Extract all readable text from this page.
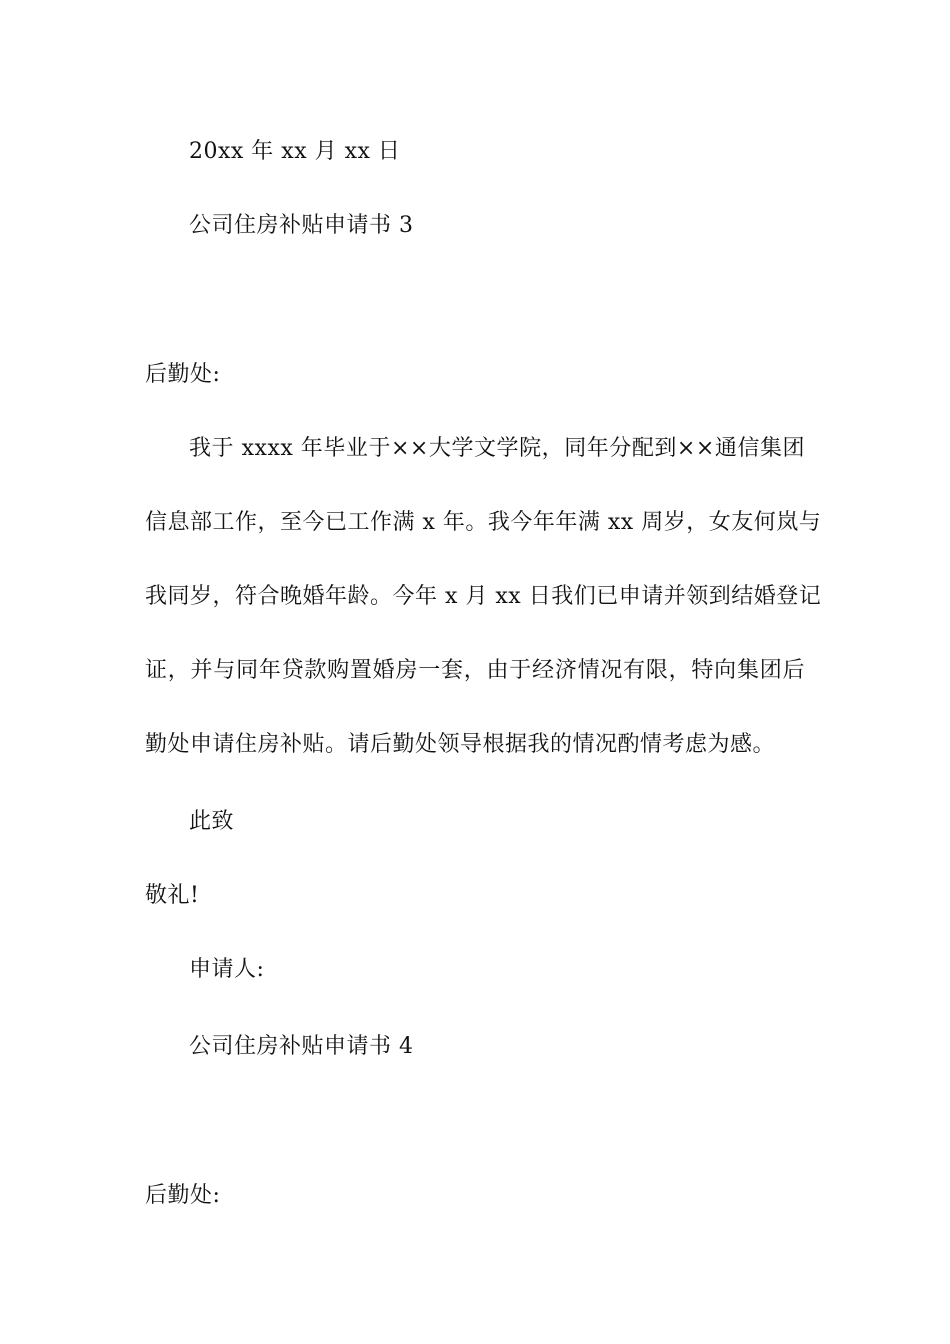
20xx 年 xx 月 xx 日
公司住房补贴申请书 3
后勤处:
我于 xxxx 年毕业于××大学文学院，同年分配到××通信集团
信息部工作，至今已工作满 x 年。我今年年满 xx 周岁，女友何岚与
我同岁，符合晚婚年龄。今年 x 月 xx 日我们已申请并领到结婚登记
证，并与同年贷款购置婚房一套，由于经济情况有限，特向集团后
勤处申请住房补贴。请后勤处领导根据我的情况酌情考虑为感。
此致
敬礼!
申请人:
公司住房补贴申请书 4
后勤处:
